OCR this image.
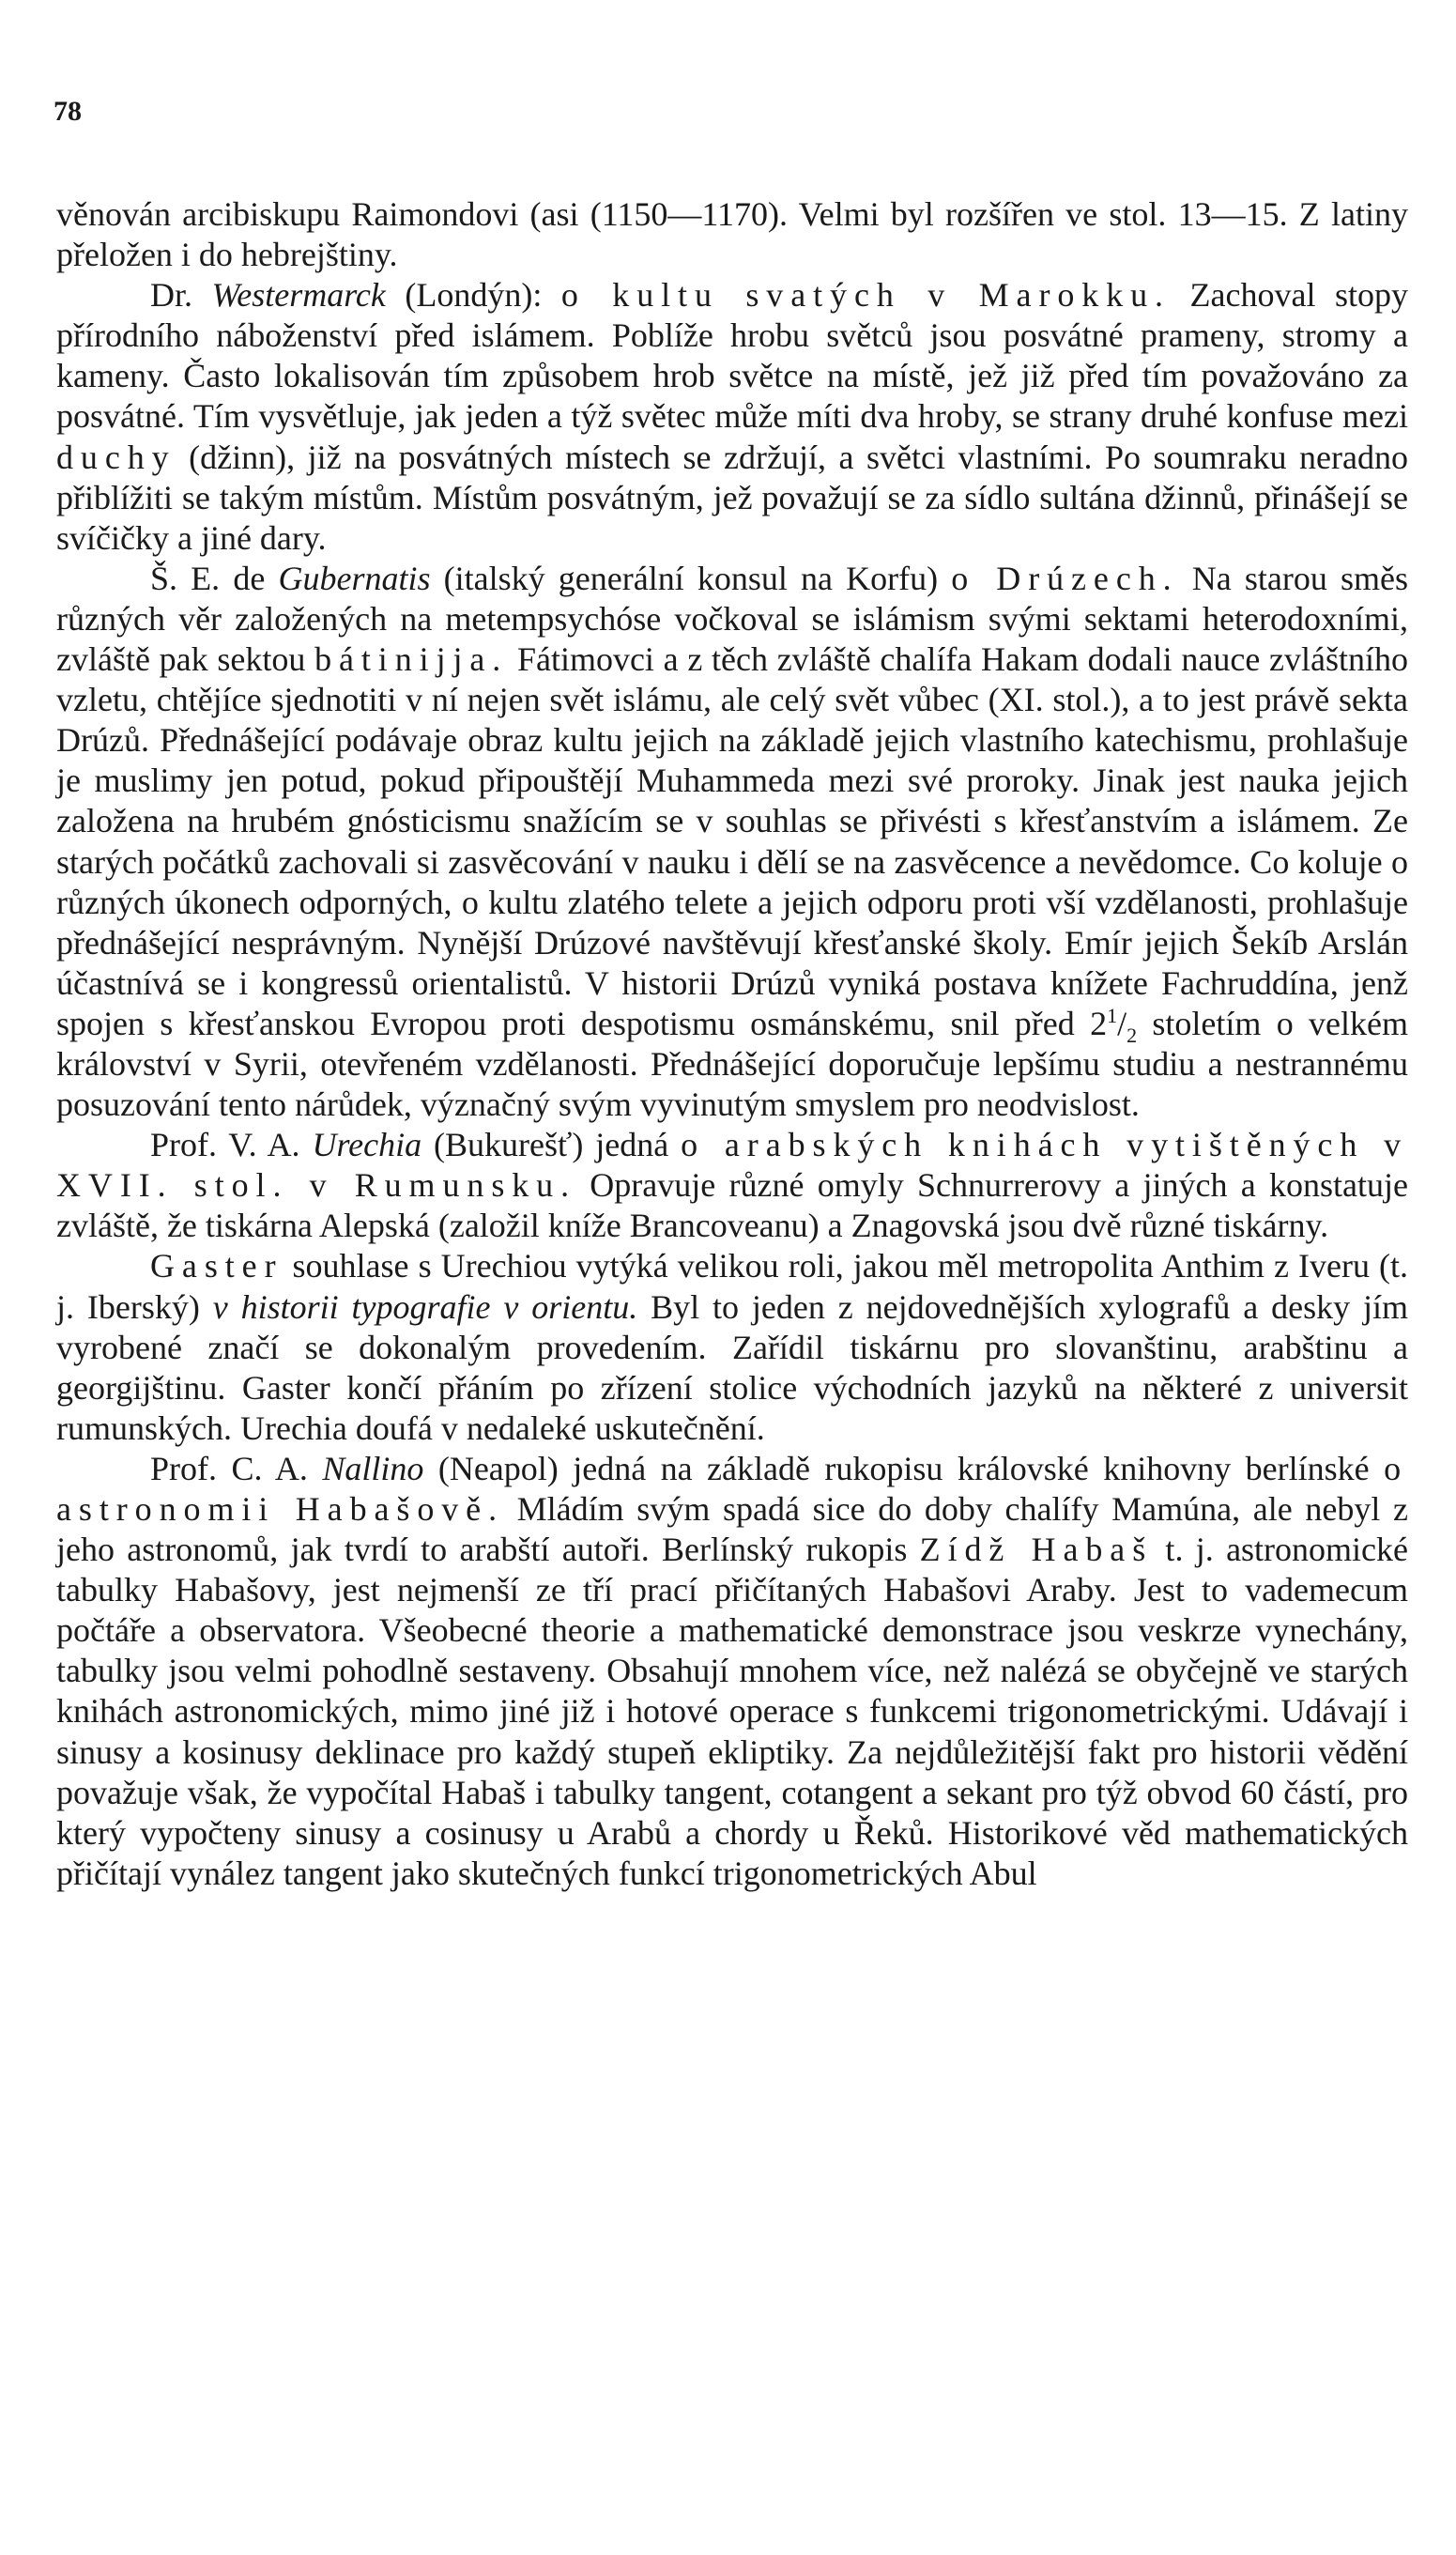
78

věnován arcibiskupu Raimondovi (asi (1150—1170). Velmi byl rozšířen ve stol. 13—15. Z latiny přeložen i do hebrejštiny.

Dr. Westermarck (Londýn): o kultu svatých v Marokku. Zachoval stopy přírodního náboženství před islámem. Poblíže hrobu světců jsou posvátné prameny, stromy a kameny. Často lokalisován tím způsobem hrob světce na místě, jež již před tím považováno za posvátné. Tím vysvětluje, jak jeden a týž světec může míti dva hroby, se strany druhé konfuse mezi duchy (džinn), již na posvátných místech se zdržují, a světci vlastními. Po soumraku neradno přiblížiti se takým místům. Místům posvátným, jež považují se za sídlo sultána džinnů, přinášejí se svíčičky a jiné dary.

Š. E. de Gubernatis (italský generální konsul na Korfu) o Drúzech. Na starou směs různých věr založených na metempsychóse vočkoval se islámism svými sektami heterodoxními, zvláště pak sektou bátinijja. Fátimovci a z těch zvláště chalífa Hakam dodali nauce zvláštního vzletu, chtějíce sjednotiti v ní nejen svět islámu, ale celý svět vůbec (XI. stol.), a to jest právě sekta Drúzů. Přednášející podávaje obraz kultu jejich na základě jejich vlastního katechismu, prohlašuje je muslimy jen potud, pokud připouštějí Muhammeda mezi své proroky. Jinak jest nauka jejich založena na hrubém gnósticismu snažícím se v souhlas se přivésti s křesťanstvím a islámem. Ze starých počátků zachovali si zasvěcování v nauku i dělí se na zasvěcence a nevědomce. Co koluje o různých úkonech odporných, o kultu zlatého telete a jejich odporu proti vší vzdělanosti, prohlašuje přednášející nesprávným. Nynější Drúzové navštěvují křesťanské školy. Emír jejich Šekíb Arslán účastnívá se i kongressů orientalistů. V historii Drúzů vyniká postava knížete Fachruddína, jenž spojen s křesťanskou Evropou proti despotismu osmánskému, snil před $2^1/_2$ stoletím o velkém království v Syrii, otevřeném vzdělanosti. Přednášející doporučuje lepšímu studiu a nestrannému posuzování tento nárůdek, význačný svým vyvinutým smyslem pro neodvislost.

Prof. V. A. Urechia (Bukurešť) jedná o arabských knihách vytištěných v XVII. stol. v Rumunsku. Opravuje různé omyly Schnurrerovy a jiných a konstatuje zvláště, že tiskárna Alepská (založil kníže Brancoveanu) a Znagovská jsou dvě různé tiskárny.

Gaster souhlase s Urechiou vytýká velikou roli, jakou měl metropolita Anthim z Iveru (t. j. Iberský) v historii typografie v orientu. Byl to jeden z nejdovednějších xylografů a desky jím vyrobené značí se dokonalým provedením. Zařídil tiskárnu pro slovanštinu, arabštinu a georgijštinu. Gaster končí přáním po zřízení stolice východních jazyků na některé z universit rumunských. Urechia doufá v nedaleké uskutečnění.

Prof. C. A. Nallino (Neapol) jedná na základě rukopisu královské knihovny berlínské o astronomii Habašově. Mládím svým spadá sice do doby chalífy Mamúna, ale nebyl z jeho astronomů, jak tvrdí to arabští autoři. Berlínský rukopis Zídž Habaš t. j. astronomické tabulky Habašovy, jest nejmenší ze tří prací přičítaných Habašovi Araby. Jest to vademecum počtáře a observatora. Všeobecné theorie a mathematické demonstrace jsou veskrze vynechány, tabulky jsou velmi pohodlně sestaveny. Obsahují mnohem více, než nalézá se obyčejně ve starých knihách astronomických, mimo jiné již i hotové operace s funkcemi trigonometrickými. Udávají i sinusy a kosinusy deklinace pro každý stupeň ekliptiky. Za nejdůležitější fakt pro historii vědění považuje však, že vypočítal Habaš i tabulky tangent, cotangent a sekant pro týž obvod 60 částí, pro který vypočteny sinusy a cosinusy u Arabů a chordy u Řeků. Historikové věd mathematických přičítají vynález tangent jako skutečných funkcí trigonometrických Abul
